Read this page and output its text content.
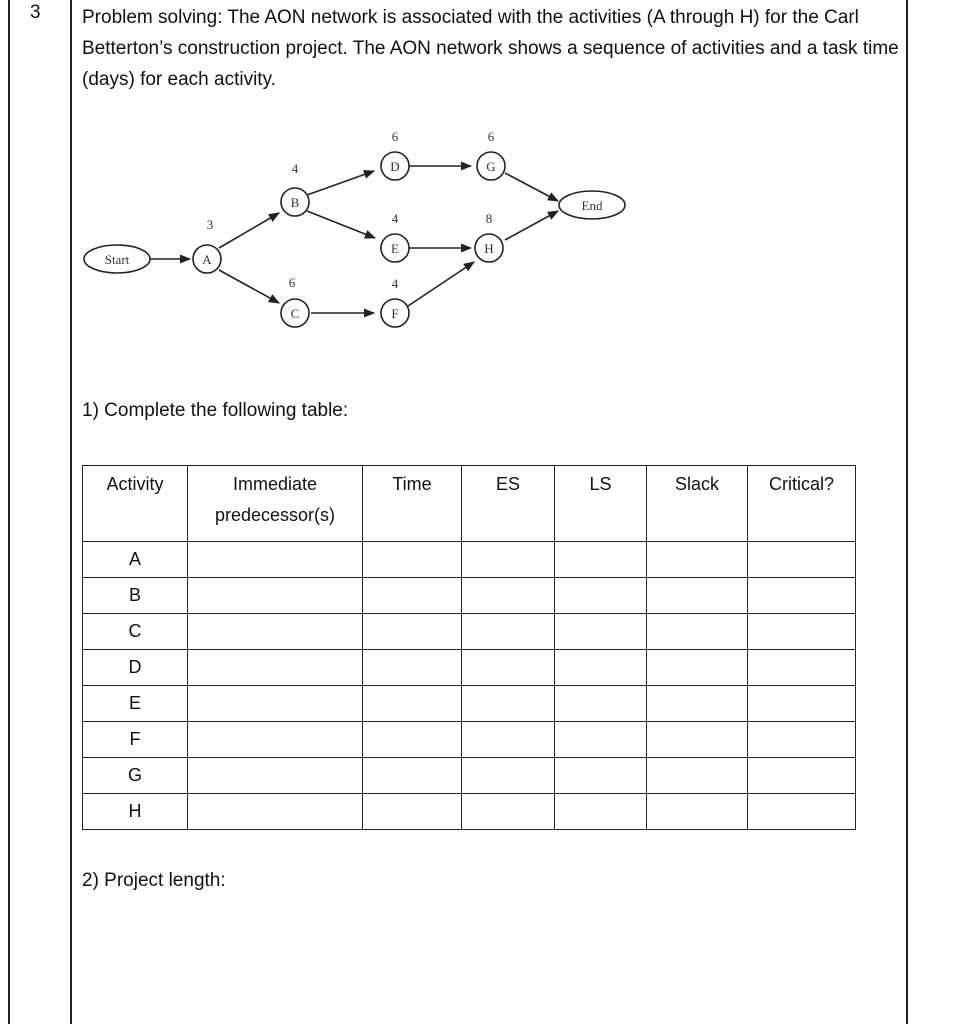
3 Problem solving: The AON network is associated with the activities (A through H) for the Carl Betterton’s construction project. The AON network shows a sequence of activities and a task time (days) for each activity.
Start
End
A
3
B
4
C
6
D
6
E
4
F
4
G
6
H
8
1) Complete the following table:
Activity	Immediate predecessor(s)	Time	ES	LS	Slack	Critical?
A						
B						
C						
D						
E						
F						
G						
H						
2) Project length:
